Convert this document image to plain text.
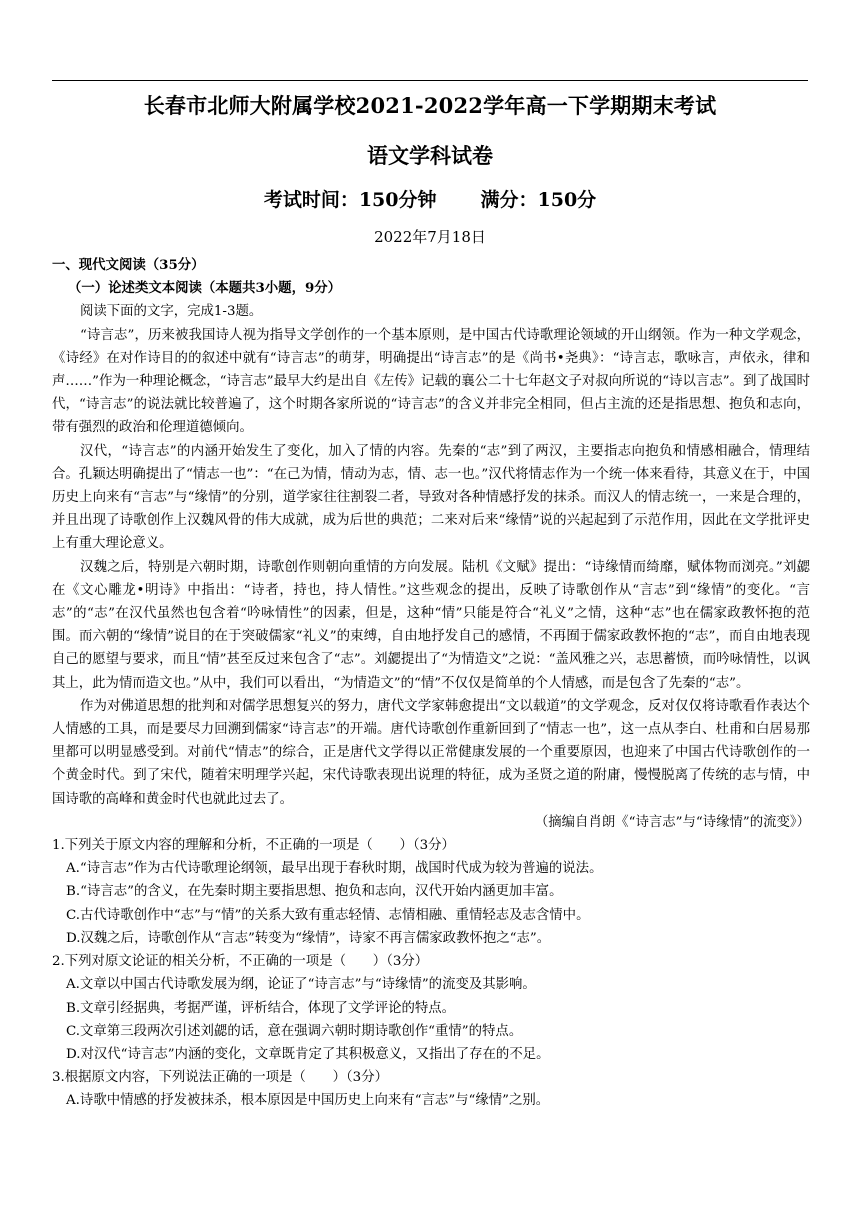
长春市北师大附属学校2021-2022学年高一下学期期末考试
语文学科试卷
考试时间：150分钟 满分：150分
2022年7月18日
一、现代文阅读（35分）
（一）论述类文本阅读（本题共3小题，9分）

阅读下面的文字，完成1-3题。

“诗言志”，历来被我国诗人视为指导文学创作的一个基本原则，是中国古代诗歌理论领域的开山纲领。作为一种文学观念，《诗经》在对作诗目的的叙述中就有“诗言志”的萌芽，明确提出“诗言志”的是《尚书•尧典》：“诗言志，歌咏言，声依永，律和声……”作为一种理论概念，“诗言志”最早大约是出自《左传》记载的襄公二十七年赵文子对叔向所说的“诗以言志”。到了战国时代，“诗言志”的说法就比较普遍了，这个时期各家所说的“诗言志”的含义并非完全相同，但占主流的还是指思想、抱负和志向，带有强烈的政治和伦理道德倾向。

汉代，“诗言志”的内涵开始发生了变化，加入了情的内容。先秦的“志”到了两汉，主要指志向抱负和情感相融合，情理结合。孔颖达明确提出了“情志一也”：“在己为情，情动为志，情、志一也。”汉代将情志作为一个统一体来看待，其意义在于，中国历史上向来有“言志”与“缘情”的分别，道学家往往割裂二者，导致对各种情感抒发的抹杀。而汉人的情志统一，一来是合理的，并且出现了诗歌创作上汉魏风骨的伟大成就，成为后世的典范；二来对后来“缘情”说的兴起起到了示范作用，因此在文学批评史上有重大理论意义。

汉魏之后，特别是六朝时期，诗歌创作则朝向重情的方向发展。陆机《文赋》提出：“诗缘情而绮靡，赋体物而浏亮。”刘勰在《文心雕龙•明诗》中指出：“诗者，持也，持人情性。”这些观念的提出，反映了诗歌创作从“言志”到“缘情”的变化。“言志”的“志”在汉代虽然也包含着“吟咏情性”的因素，但是，这种“情”只能是符合“礼义”之情，这种“志”也在儒家政教怀抱的范围。而六朝的“缘情”说目的在于突破儒家“礼义”的束缚，自由地抒发自己的感情，不再囿于儒家政教怀抱的“志”，而自由地表现自己的愿望与要求，而且“情”甚至反过来包含了“志”。刘勰提出了“为情造文”之说：“盖风雅之兴，志思蓄愤，而吟咏情性，以讽其上，此为情而造文也。”从中，我们可以看出，“为情造文”的“情”不仅仅是简单的个人情感，而是包含了先秦的“志”。

作为对佛道思想的批判和对儒学思想复兴的努力，唐代文学家韩愈提出“文以载道”的文学观念，反对仅仅将诗歌看作表达个人情感的工具，而是要尽力回溯到儒家“诗言志”的开端。唐代诗歌创作重新回到了“情志一也”，这一点从李白、杜甫和白居易那里都可以明显感受到。对前代“情志”的综合，正是唐代文学得以正常健康发展的一个重要原因，也迎来了中国古代诗歌创作的一个黄金时代。到了宋代，随着宋明理学兴起，宋代诗歌表现出说理的特征，成为圣贤之道的附庸，慢慢脱离了传统的志与情，中国诗歌的高峰和黄金时代也就此过去了。

（摘编自肖朗《“诗言志”与“诗缘情”的流变》）

1.下列关于原文内容的理解和分析，不正确的一项是（　　）（3分）

A.“诗言志”作为古代诗歌理论纲领，最早出现于春秋时期，战国时代成为较为普遍的说法。
B.“诗言志”的含义，在先秦时期主要指思想、抱负和志向，汉代开始内涵更加丰富。
C.古代诗歌创作中“志”与“情”的关系大致有重志轻情、志情相融、重情轻志及志含情中。
D.汉魏之后，诗歌创作从“言志”转变为“缘情”，诗家不再言儒家政教怀抱之“志”。

2.下列对原文论证的相关分析，不正确的一项是（　　）（3分）

A.文章以中国古代诗歌发展为纲，论证了“诗言志”与“诗缘情”的流变及其影响。
B.文章引经据典，考据严谨，评析结合，体现了文学评论的特点。
C.文章第三段两次引述刘勰的话，意在强调六朝时期诗歌创作“重情”的特点。
D.对汉代“诗言志”内涵的变化，文章既肯定了其积极意义，又指出了存在的不足。

3.根据原文内容，下列说法正确的一项是（　　）（3分）

A.诗歌中情感的抒发被抹杀，根本原因是中国历史上向来有“言志”与“缘情”之别。
